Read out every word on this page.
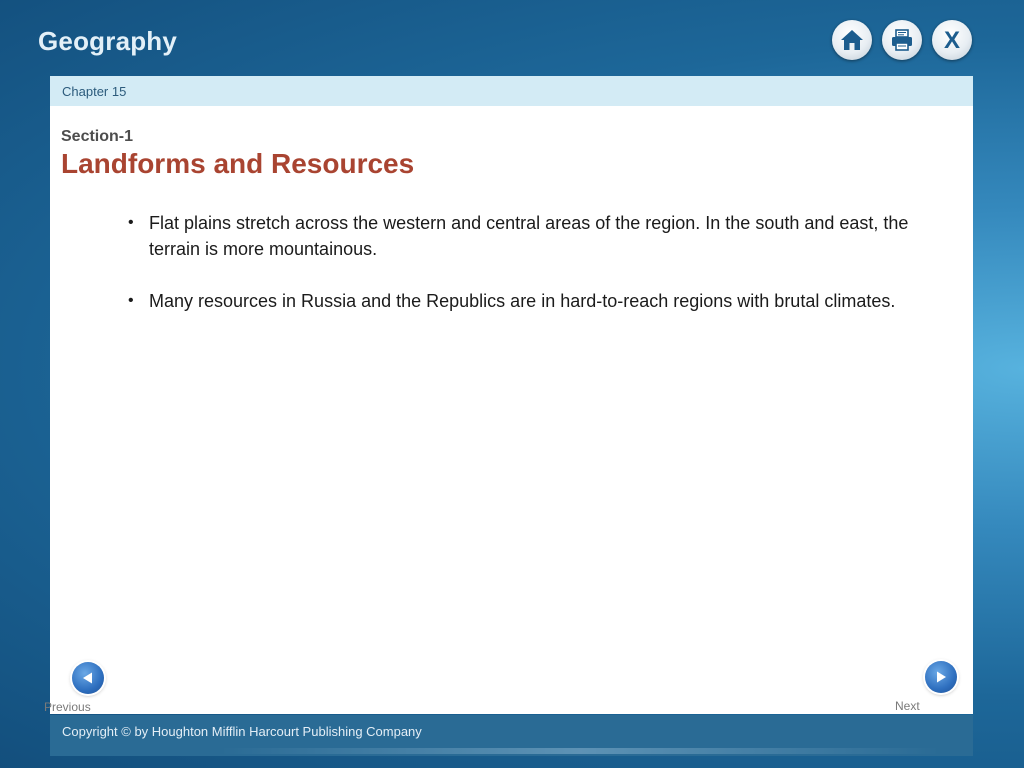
Geography	X
Chapter 15
Section-1
Landforms and Resources
• Flat plains stretch across the western and central areas of the region. In the south and east, the terrain is more mountainous.
• Many resources in Russia and the Republics are in hard-to-reach regions with brutal climates.
Previous	Next
Copyright © by Houghton Mifflin Harcourt Publishing Company
